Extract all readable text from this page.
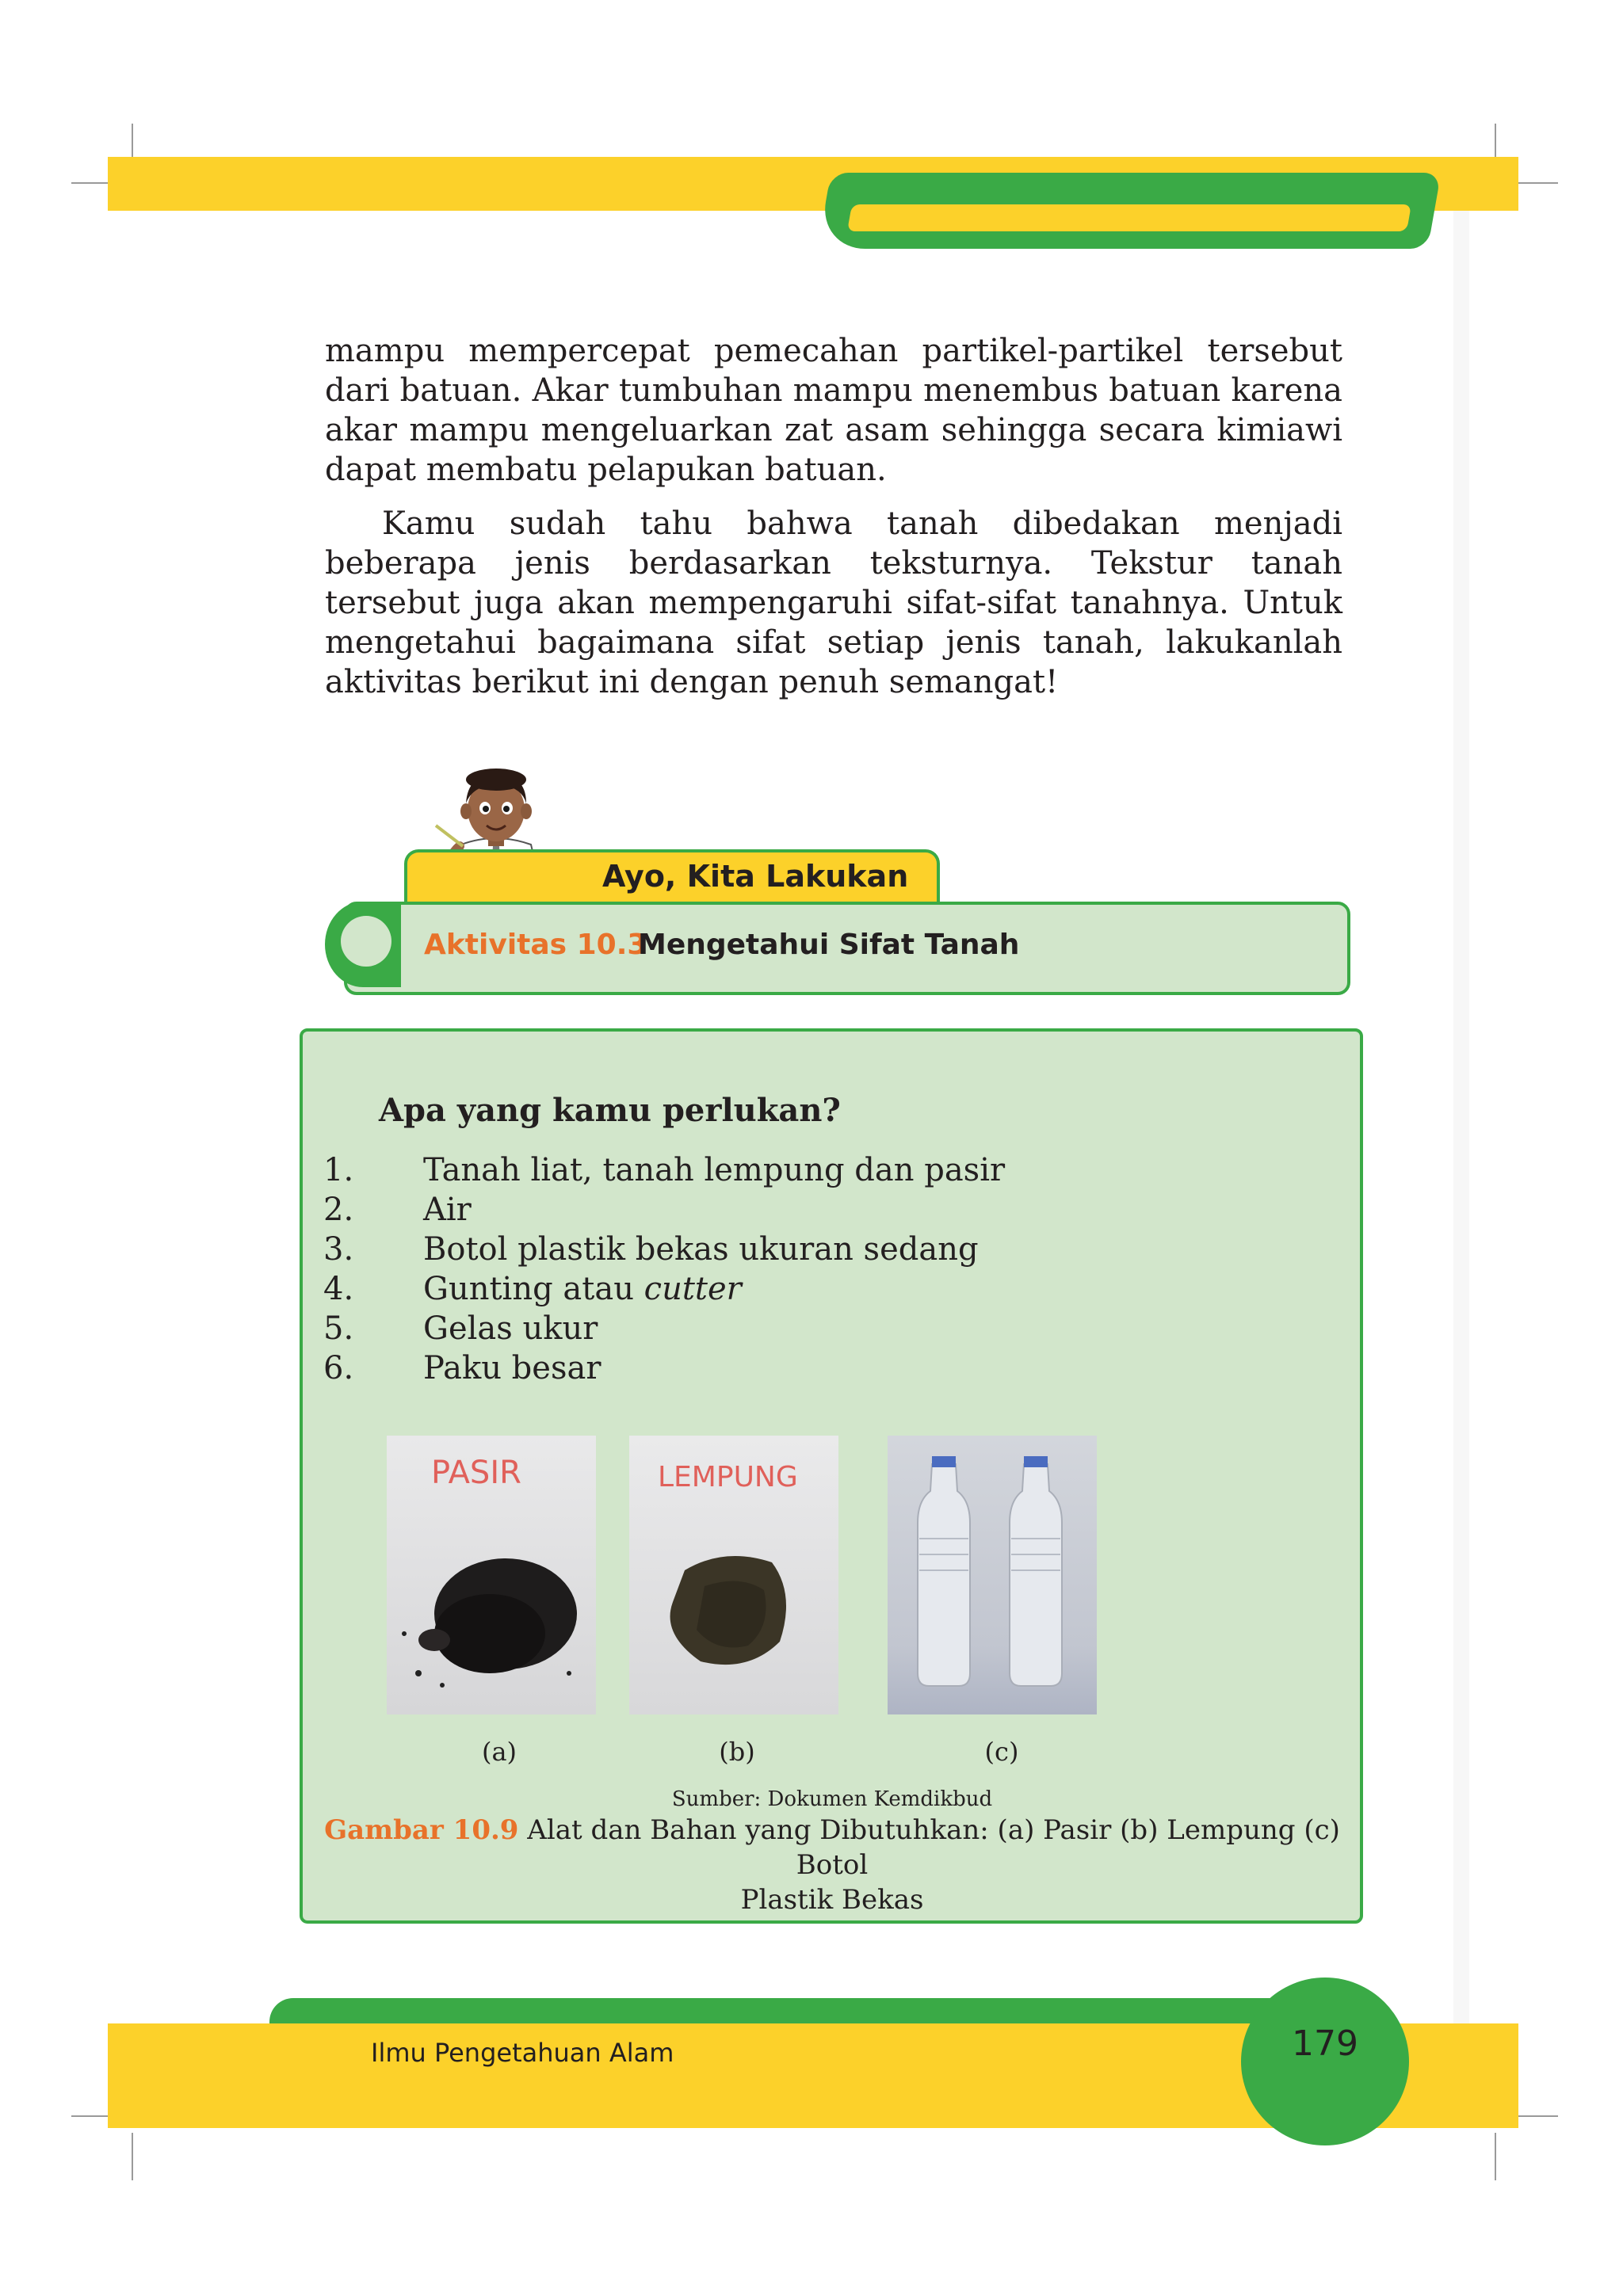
mampu mempercepat pemecahan partikel-partikel tersebut dari batuan. Akar tumbuhan mampu menembus batuan karena akar mampu mengeluarkan zat asam sehingga secara kimiawi dapat membatu pelapukan batuan.

Kamu sudah tahu bahwa tanah dibedakan menjadi beberapa jenis berdasarkan teksturnya. Tekstur tanah tersebut juga akan mempengaruhi sifat-sifat tanahnya. Untuk mengetahui bagaimana sifat setiap jenis tanah, lakukanlah aktivitas berikut ini dengan penuh semangat!

Ayo, Kita Lakukan
Aktivitas 10.3
Mengetahui Sifat Tanah
Apa yang kamu perlukan?
1. Tanah liat, tanah lempung dan pasir
2. Air
3. Botol plastik bekas ukuran sedang
4. Gunting atau cutter
5. Gelas ukur
6. Paku besar
PASIR	LEMPUNG
(a)	(b)	(c)
Sumber: Dokumen Kemdikbud
Gambar 10.9 Alat dan Bahan yang Dibutuhkan: (a) Pasir (b) Lempung (c) Botol
Plastik Bekas
Ilmu Pengetahuan Alam	179
